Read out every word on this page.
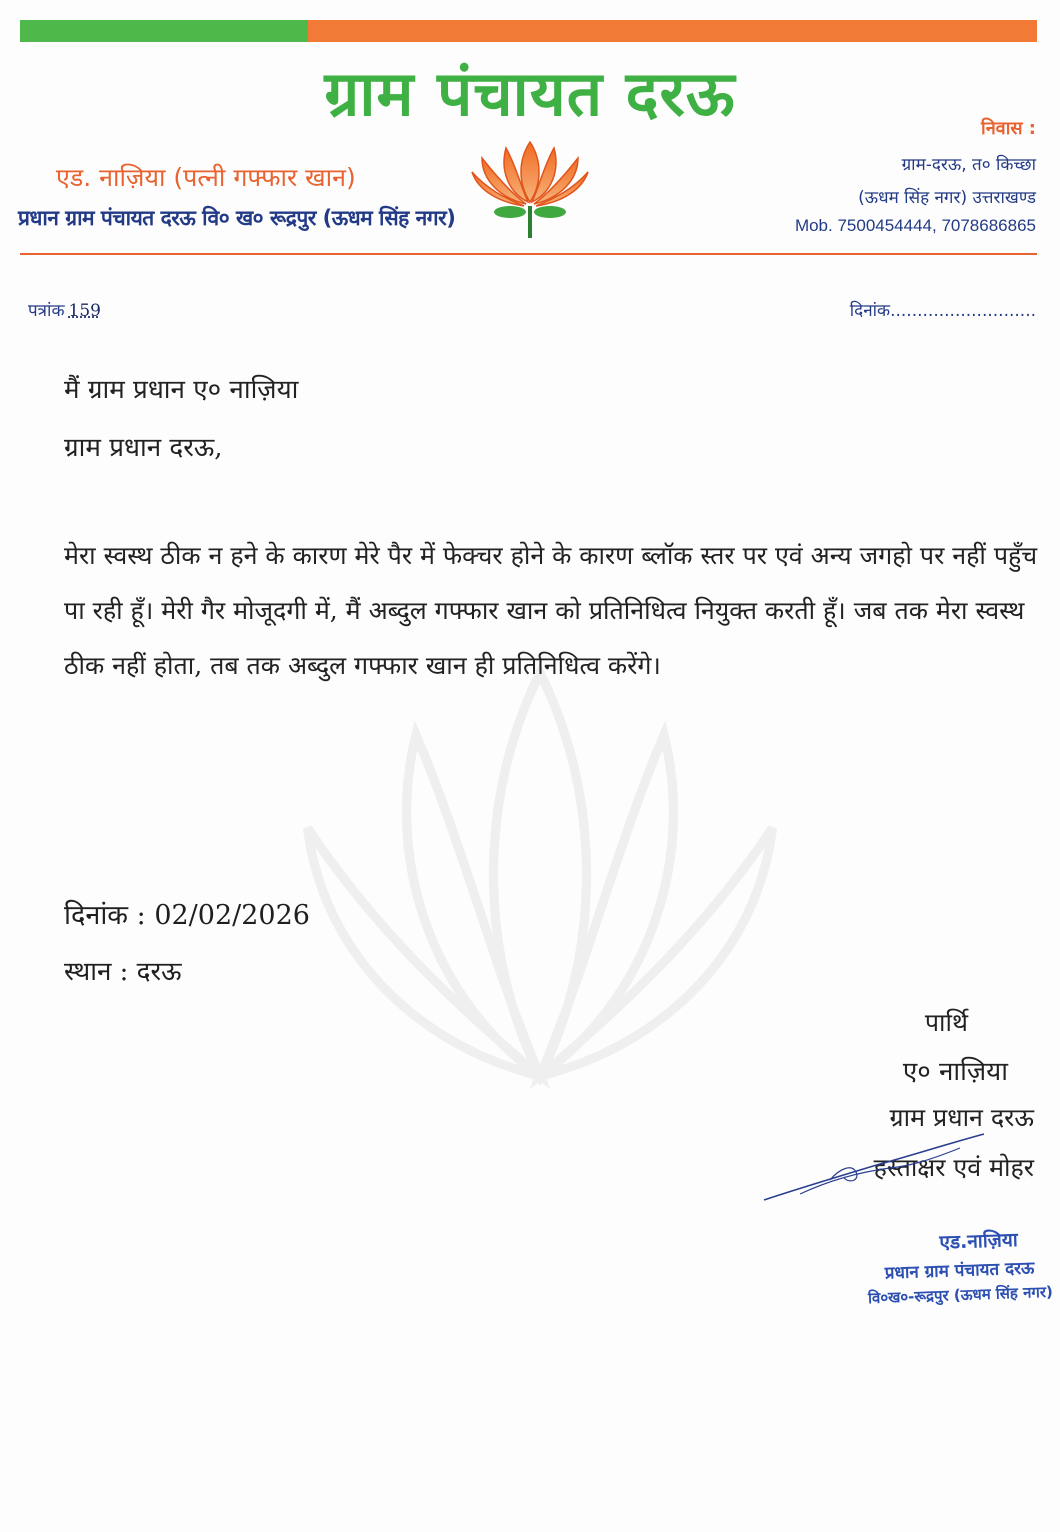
ग्राम पंचायत दरऊ
एड. नाज़िया (पत्नी गफ्फार खान)
प्रधान ग्राम पंचायत दरऊ वि० ख० रूद्रपुर (ऊधम सिंह नगर)
निवास :
ग्राम-दरऊ, त० किच्छा
(ऊधम सिंह नगर) उत्तराखण्ड
Mob. 7500454444, 7078686865
पत्रांक 159	दिनांक...........................
मैं ग्राम प्रधान ए० नाज़िया
ग्राम प्रधान दरऊ,
मेरा स्वस्थ ठीक न हने के कारण मेरे पैर में फेक्चर होने के कारण ब्लॉक स्तर पर एवं अन्य जगहो पर नहीं पहुँच पा रही हूँ। मेरी गैर मोजूदगी में, मैं अब्दुल गफ्फार खान को प्रतिनिधित्व नियुक्त करती हूँ। जब तक मेरा स्वस्थ ठीक नहीं होता, तब तक अब्दुल गफ्फार खान ही प्रतिनिधित्व करेंगे।
दिनांक : 02/02/2026
स्थान : दरऊ
पार्थि
ए० नाज़िया
ग्राम प्रधान दरऊ
हस्ताक्षर एवं मोहर
एड.नाज़िया
प्रधान ग्राम पंचायत दरऊ
वि०ख०-रूद्रपुर (ऊधम सिंह नगर)
